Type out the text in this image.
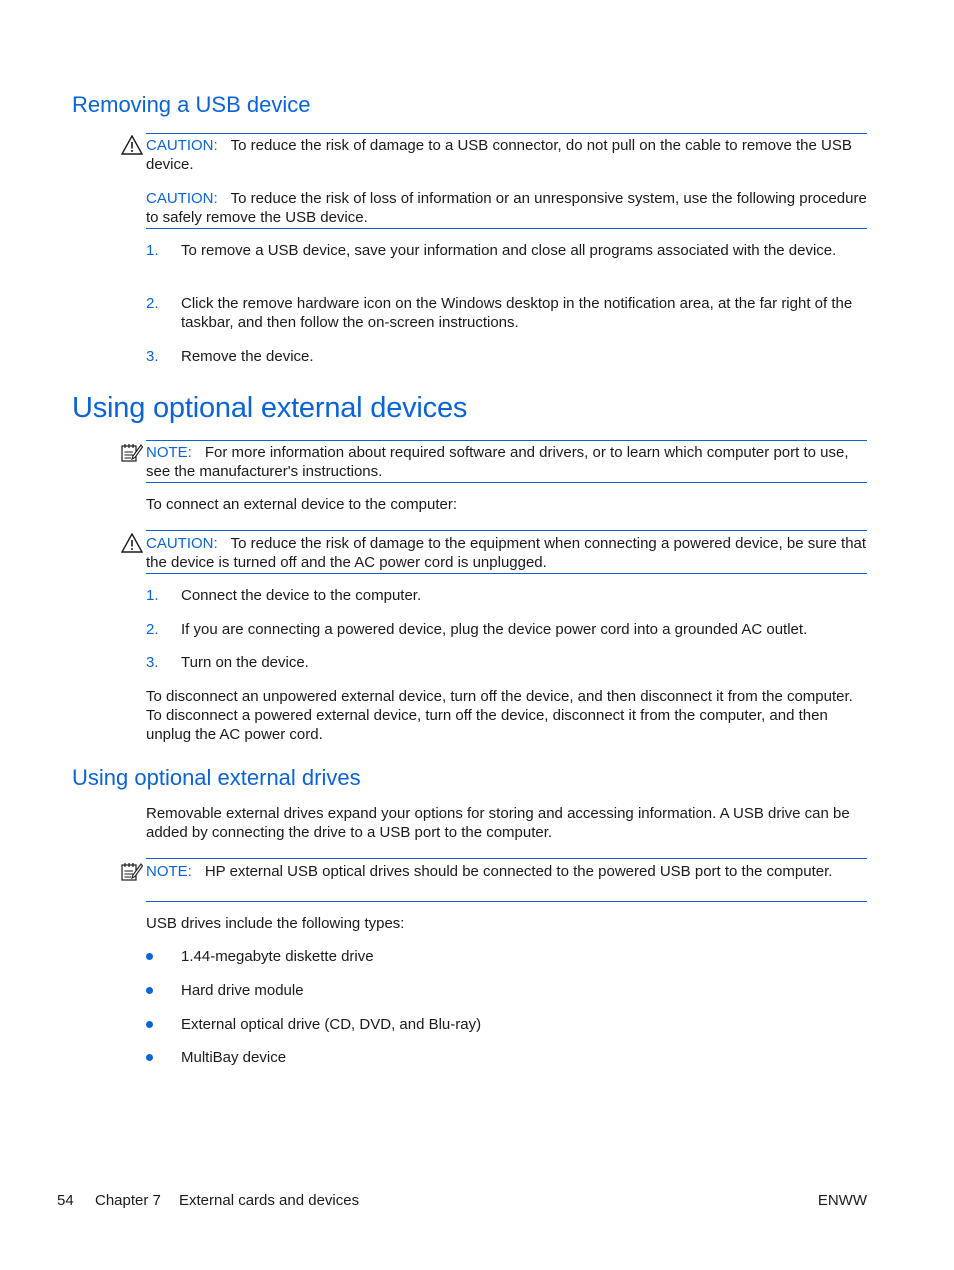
Removing a USB device

CAUTION: To reduce the risk of damage to a USB connector, do not pull on the cable to remove the USB device.

CAUTION: To reduce the risk of loss of information or an unresponsive system, use the following procedure to safely remove the USB device.

1. To remove a USB device, save your information and close all programs associated with the device.
2. Click the remove hardware icon on the Windows desktop in the notification area, at the far right of the taskbar, and then follow the on-screen instructions.
3. Remove the device.
Using optional external devices

NOTE: For more information about required software and drivers, or to learn which computer port to use, see the manufacturer's instructions.

To connect an external device to the computer:

CAUTION: To reduce the risk of damage to the equipment when connecting a powered device, be sure that the device is turned off and the AC power cord is unplugged.

1. Connect the device to the computer.
2. If you are connecting a powered device, plug the device power cord into a grounded AC outlet.
3. Turn on the device.

To disconnect an unpowered external device, turn off the device, and then disconnect it from the computer. To disconnect a powered external device, turn off the device, disconnect it from the computer, and then unplug the AC power cord.

Using optional external drives

Removable external drives expand your options for storing and accessing information. A USB drive can be added by connecting the drive to a USB port to the computer.

NOTE: HP external USB optical drives should be connected to the powered USB port to the computer.

USB drives include the following types:

1.44-megabyte diskette drive
Hard drive module
External optical drive (CD, DVD, and Blu-ray)
MultiBay device
54 Chapter 7 External cards and devices	ENWW
